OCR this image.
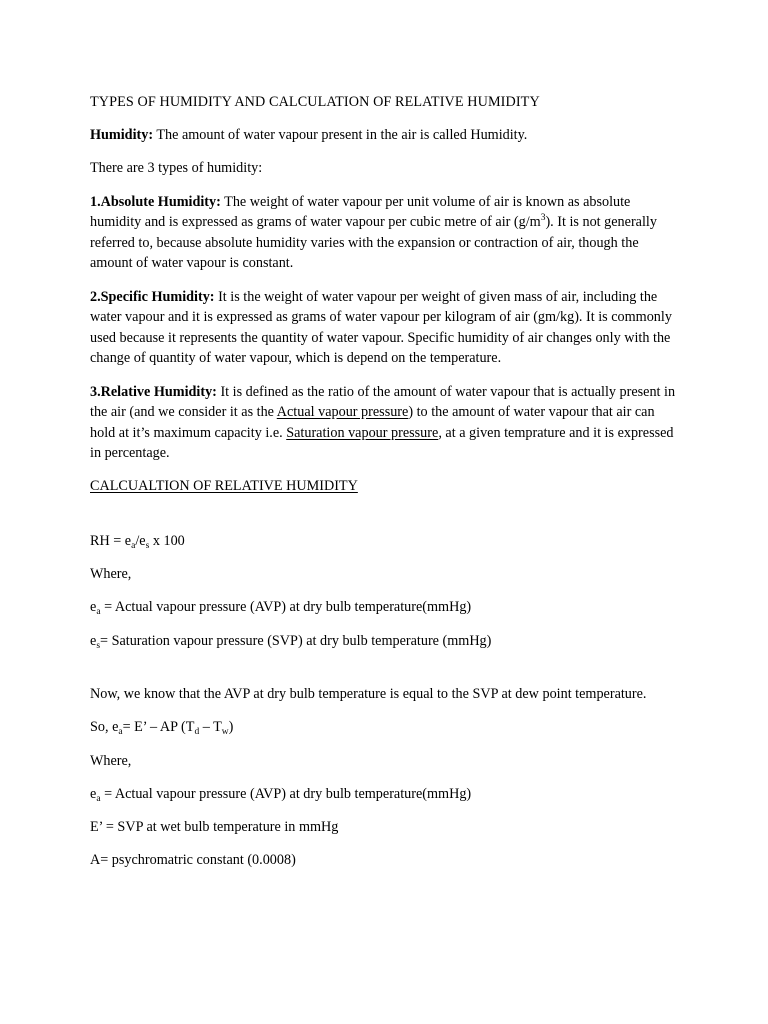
TYPES OF HUMIDITY AND CALCULATION OF RELATIVE HUMIDITY

Humidity: The amount of water vapour present in the air is called Humidity.

There are 3 types of humidity:

1.Absolute Humidity: The weight of water vapour per unit volume of air is known as absolute humidity and is expressed as grams of water vapour per cubic metre of air $(g/m^3)$. It is not generally referred to, because absolute humidity varies with the expansion or contraction of air, though the amount of water vapour is constant.

2.Specific Humidity: It is the weight of water vapour per weight of given mass of air, including the water vapour and it is expressed as grams of water vapour per kilogram of air (gm/kg). It is commonly used because it represents the quantity of water vapour. Specific humidity of air changes only with the change of quantity of water vapour, which is depend on the temperature.

3.Relative Humidity: It is defined as the ratio of the amount of water vapour that is actually present in the air (and we consider it as the Actual vapour pressure) to the amount of water vapour that air can hold at it’s maximum capacity i.e. Saturation vapour pressure, at a given temprature and it is expressed in percentage.

CALCUALTION OF RELATIVE HUMIDITY

RH = $e_a/e_s$ x 100

Where,

$e_a$ = Actual vapour pressure (AVP) at dry bulb temperature(mmHg)

$e_s=$ Saturation vapour pressure (SVP) at dry bulb temperature (mmHg)

Now, we know that the AVP at dry bulb temperature is equal to the SVP at dew point temperature.

So, $e_a= E$’ – AP $(T_d - T_w)$

Where,

$e_a$ = Actual vapour pressure (AVP) at dry bulb temperature(mmHg)

E’ = SVP at wet bulb temperature in mmHg

A= psychromatric constant (0.0008)
